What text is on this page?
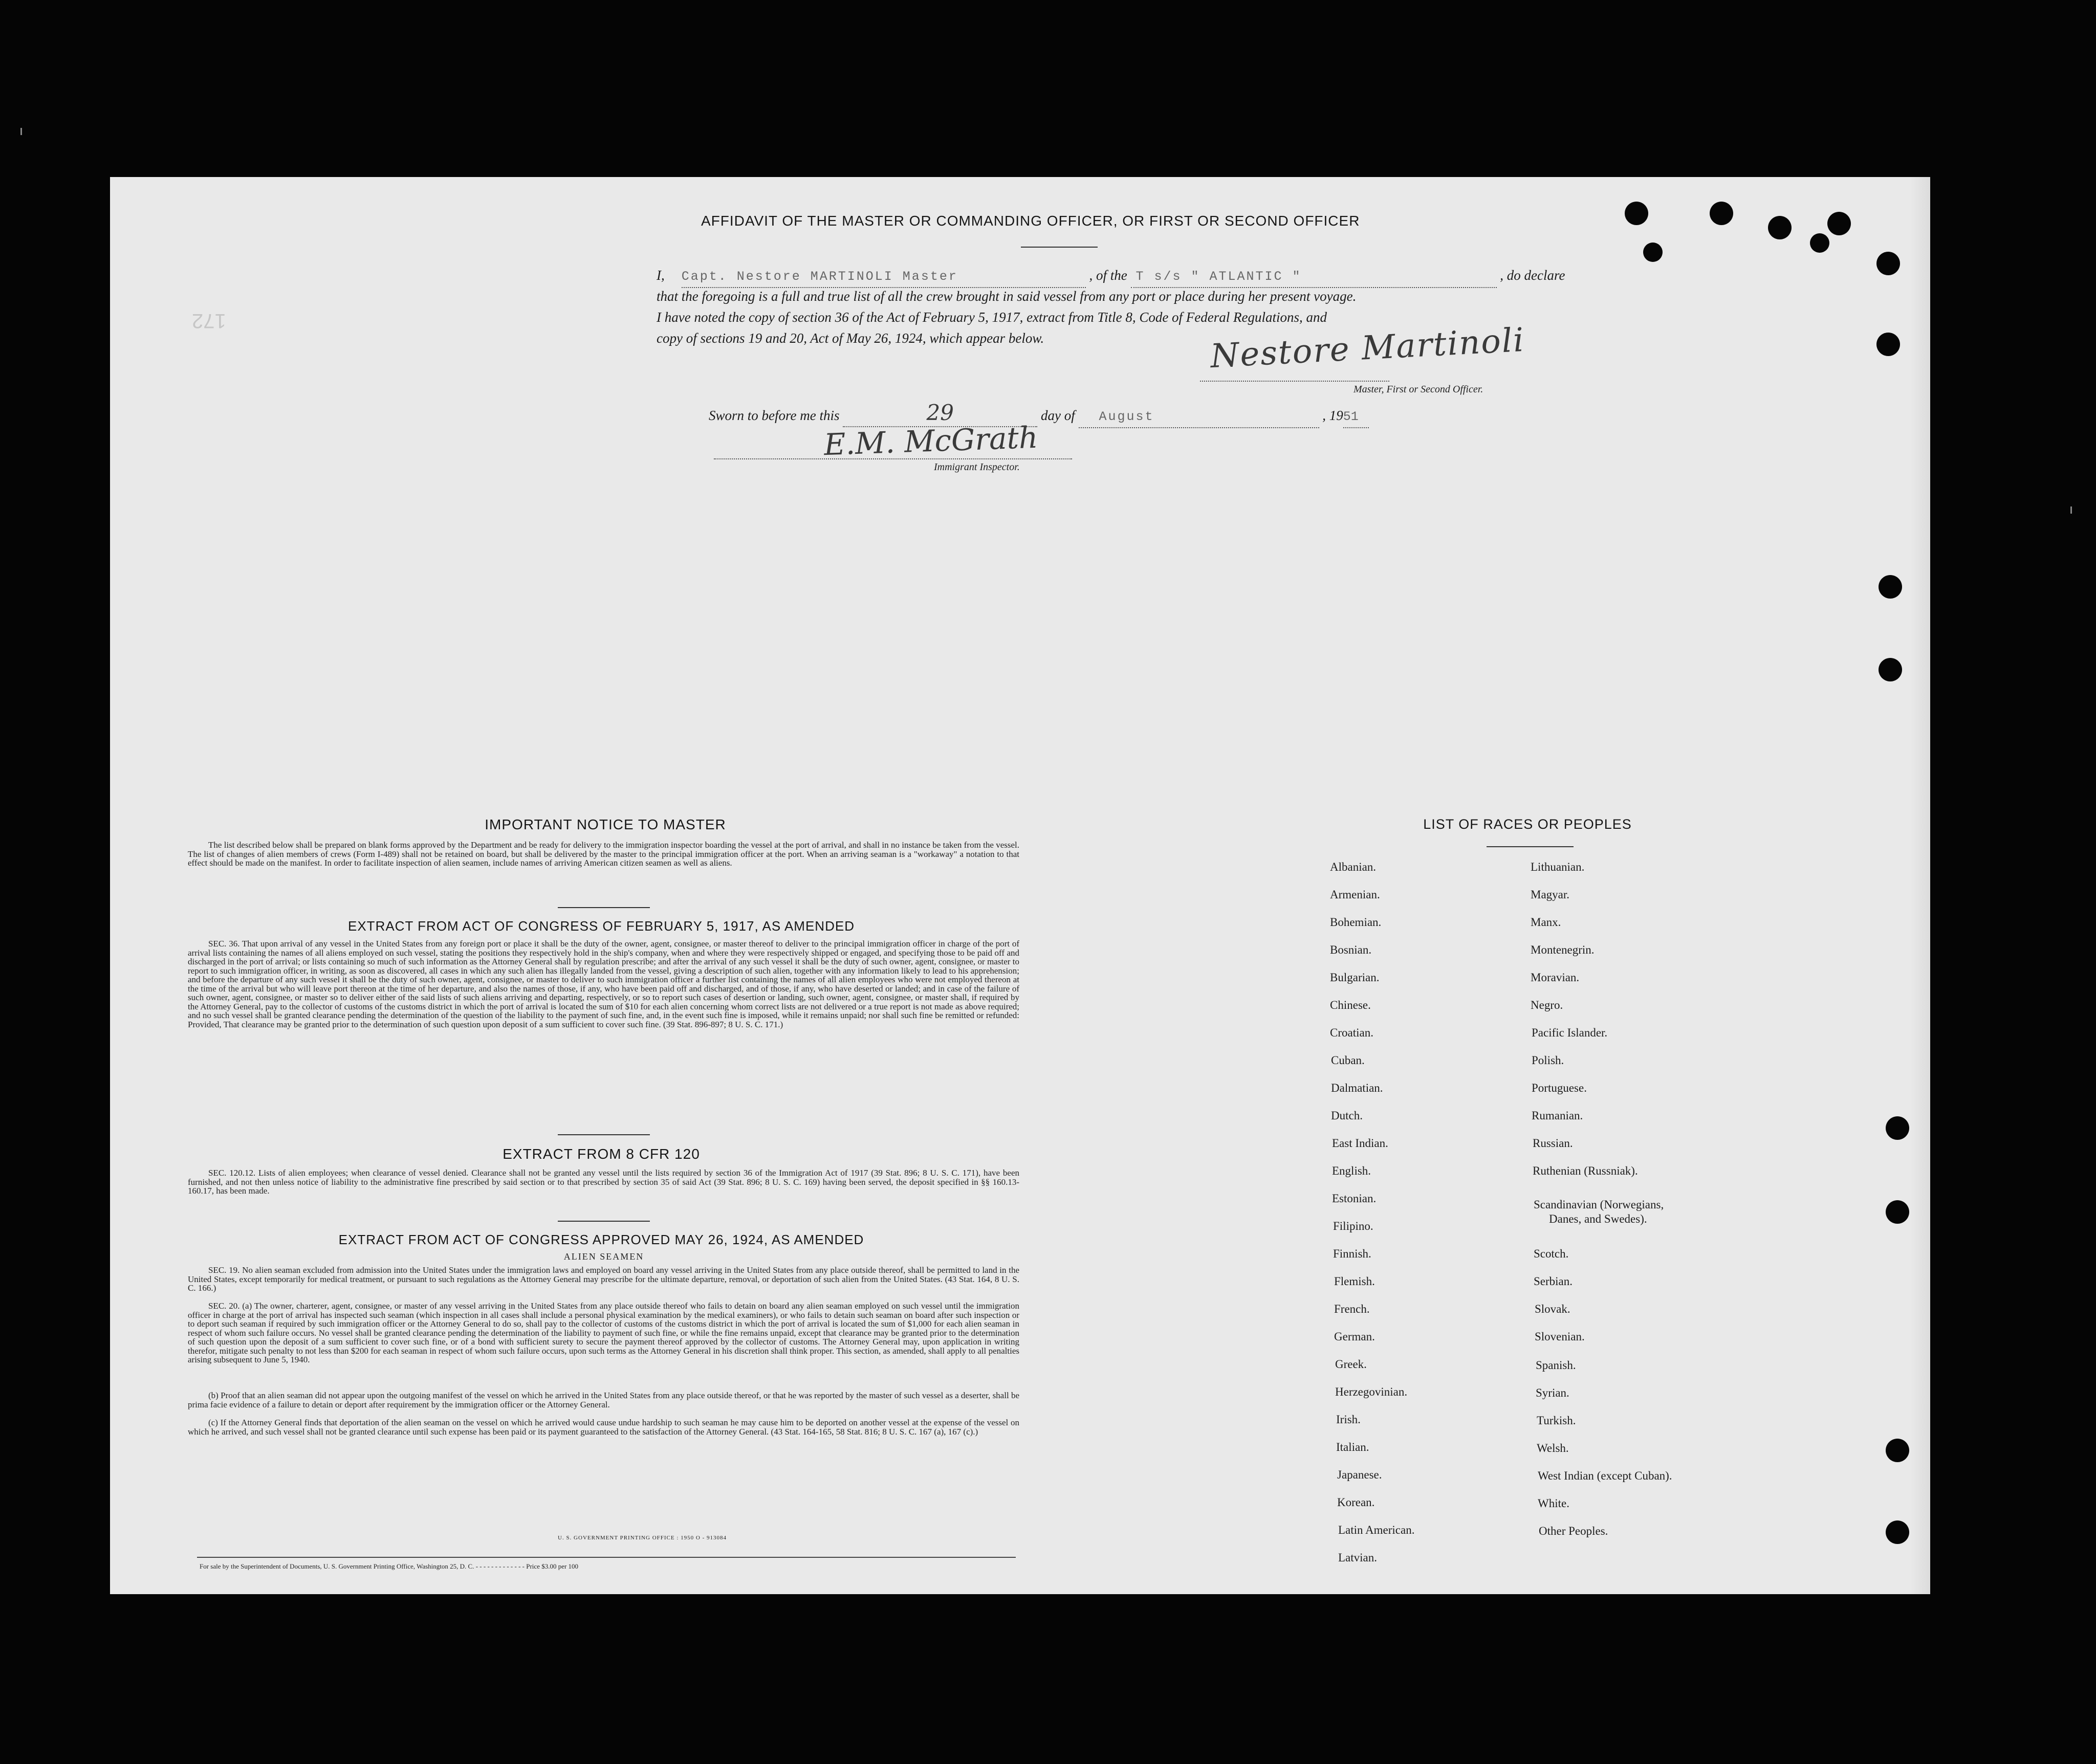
AFFIDAVIT OF THE MASTER OR COMMANDING OFFICER, OR FIRST OR SECOND OFFICER
I, Capt. Nestore MARTINOLI Master	, of the T s/s " ATLANTIC "	, do declare
that the foregoing is a full and true list of all the crew brought in said vessel from any port or place during her present voyage.
I have noted the copy of section 36 of the Act of February 5, 1917, extract from Title 8, Code of Federal Regulations, and
copy of sections 19 and 20, Act of May 26, 1924, which appear below.	Nestore Martinoli
Master, First or Second Officer.
Sworn to before me this	29	day of August	, 1951
E.M. McGrath
Immigrant Inspector.
172
IMPORTANT NOTICE TO MASTER

The list described below shall be prepared on blank forms approved by the Department and be ready for delivery to the immigration inspector boarding the vessel at the port of arrival, and shall in no instance be taken from the vessel. The list of changes of alien members of crews (Form I-489) shall not be retained on board, but shall be delivered by the master to the principal immigration officer at the port. When an arriving seaman is a "workaway" a notation to that effect should be made on the manifest. In order to facilitate inspection of alien seamen, include names of arriving American citizen seamen as well as aliens.

EXTRACT FROM ACT OF CONGRESS OF FEBRUARY 5, 1917, AS AMENDED

SEC. 36. That upon arrival of any vessel in the United States from any foreign port or place it shall be the duty of the owner, agent, consignee, or master thereof to deliver to the principal immigration officer in charge of the port of arrival lists containing the names of all aliens employed on such vessel, stating the positions they respectively hold in the ship's company, when and where they were respectively shipped or engaged, and specifying those to be paid off and discharged in the port of arrival; or lists containing so much of such information as the Attorney General shall by regulation prescribe; and after the arrival of any such vessel it shall be the duty of such owner, agent, consignee, or master to report to such immigration officer, in writing, as soon as discovered, all cases in which any such alien has illegally landed from the vessel, giving a description of such alien, together with any information likely to lead to his apprehension; and before the departure of any such vessel it shall be the duty of such owner, agent, consignee, or master to deliver to such immigration officer a further list containing the names of all alien employees who were not employed thereon at the time of the arrival but who will leave port thereon at the time of her departure, and also the names of those, if any, who have been paid off and discharged, and of those, if any, who have deserted or landed; and in case of the failure of such owner, agent, consignee, or master so to deliver either of the said lists of such aliens arriving and departing, respectively, or so to report such cases of desertion or landing, such owner, agent, consignee, or master shall, if required by the Attorney General, pay to the collector of customs of the customs district in which the port of arrival is located the sum of $10 for each alien concerning whom correct lists are not delivered or a true report is not made as above required; and no such vessel shall be granted clearance pending the determination of the question of the liability to the payment of such fine, and, in the event such fine is imposed, while it remains unpaid; nor shall such fine be remitted or refunded: Provided, That clearance may be granted prior to the determination of such question upon deposit of a sum sufficient to cover such fine. (39 Stat. 896-897; 8 U. S. C. 171.)

EXTRACT FROM 8 CFR 120

SEC. 120.12. Lists of alien employees; when clearance of vessel denied. Clearance shall not be granted any vessel until the lists required by section 36 of the Immigration Act of 1917 (39 Stat. 896; 8 U. S. C. 171), have been furnished, and not then unless notice of liability to the administrative fine prescribed by said section or to that prescribed by section 35 of said Act (39 Stat. 896; 8 U. S. C. 169) having been served, the deposit specified in §§ 160.13-160.17, has been made.

EXTRACT FROM ACT OF CONGRESS APPROVED MAY 26, 1924, AS AMENDED
ALIEN SEAMEN

SEC. 19. No alien seaman excluded from admission into the United States under the immigration laws and employed on board any vessel arriving in the United States from any place outside thereof, shall be permitted to land in the United States, except temporarily for medical treatment, or pursuant to such regulations as the Attorney General may prescribe for the ultimate departure, removal, or deportation of such alien from the United States. (43 Stat. 164, 8 U. S. C. 166.)

SEC. 20. (a) The owner, charterer, agent, consignee, or master of any vessel arriving in the United States from any place outside thereof who fails to detain on board any alien seaman employed on such vessel until the immigration officer in charge at the port of arrival has inspected such seaman (which inspection in all cases shall include a personal physical examination by the medical examiners), or who fails to detain such seaman on board after such inspection or to deport such seaman if required by such immigration officer or the Attorney General to do so, shall pay to the collector of customs of the customs district in which the port of arrival is located the sum of $1,000 for each alien seaman in respect of whom such failure occurs. No vessel shall be granted clearance pending the determination of the liability to payment of such fine, or while the fine remains unpaid, except that clearance may be granted prior to the determination of such question upon the deposit of a sum sufficient to cover such fine, or of a bond with sufficient surety to secure the payment thereof approved by the collector of customs. The Attorney General may, upon application in writing therefor, mitigate such penalty to not less than $200 for each seaman in respect of whom such failure occurs, upon such terms as the Attorney General in his discretion shall think proper. This section, as amended, shall apply to all penalties arising subsequent to June 5, 1940.

(b) Proof that an alien seaman did not appear upon the outgoing manifest of the vessel on which he arrived in the United States from any place outside thereof, or that he was reported by the master of such vessel as a deserter, shall be prima facie evidence of a failure to detain or deport after requirement by the immigration officer or the Attorney General.

(c) If the Attorney General finds that deportation of the alien seaman on the vessel on which he arrived would cause undue hardship to such seaman he may cause him to be deported on another vessel at the expense of the vessel on which he arrived, and such vessel shall not be granted clearance until such expense has been paid or its payment guaranteed to the satisfaction of the Attorney General. (43 Stat. 164-165, 58 Stat. 816; 8 U. S. C. 167 (a), 167 (c).)

U. S. GOVERNMENT PRINTING OFFICE : 1950 O - 913084
For sale by the Superintendent of Documents, U. S. Government Printing Office, Washington 25, D. C. - - - - - - - - - - - - - Price $3.00 per 100
LIST OF RACES OR PEOPLES
Albanian.
Armenian.
Bohemian.
Bosnian.
Bulgarian.
Chinese.
Croatian.
Cuban.
Dalmatian.
Dutch.
East Indian.
English.
Estonian.
Filipino.
Finnish.
Flemish.
French.
German.
Greek.
Herzegovinian.
Irish.
Italian.
Japanese.
Korean.
Latin American.
Latvian.
Lithuanian.
Magyar.
Manx.
Montenegrin.
Moravian.
Negro.
Pacific Islander.
Polish.
Portuguese.
Rumanian.
Russian.
Ruthenian (Russniak).
Scandinavian (Norwegians,
Danes, and Swedes).
Scotch.
Serbian.
Slovak.
Slovenian.
Spanish.
Syrian.
Turkish.
Welsh.
West Indian (except Cuban).
White.
Other Peoples.
